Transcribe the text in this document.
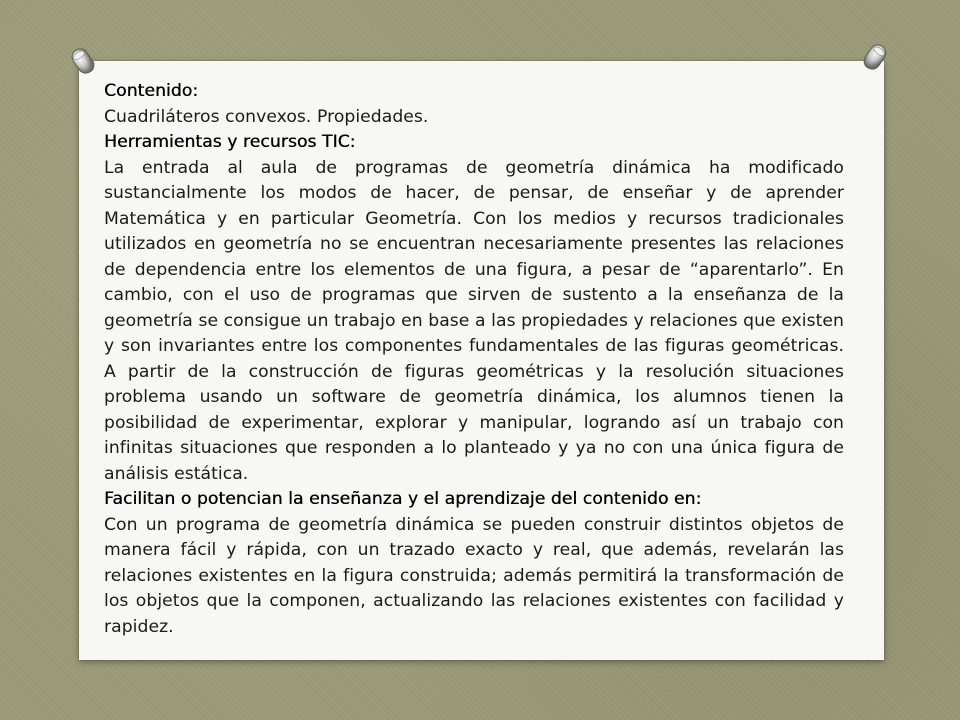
Contenido:

Cuadriláteros convexos. Propiedades.

Herramientas y recursos TIC:

La entrada al aula de programas de geometría dinámica ha modificado sustancialmente los modos de hacer, de pensar, de enseñar y de aprender Matemática y en particular Geometría. Con los medios y recursos tradicionales utilizados en geometría no se encuentran necesariamente presentes las relaciones de dependencia entre los elementos de una figura, a pesar de “aparentarlo”. En cambio, con el uso de programas que sirven de sustento a la enseñanza de la geometría se consigue un trabajo en base a las propiedades y relaciones que existen y son invariantes entre los componentes fundamentales de las figuras geométricas. A partir de la construcción de figuras geométricas y la resolución situaciones problema usando un software de geometría dinámica, los alumnos tienen la posibilidad de experimentar, explorar y manipular, logrando así un trabajo con infinitas situaciones que responden a lo planteado y ya no con una única figura de análisis estática.

Facilitan o potencian la enseñanza y el aprendizaje del contenido en:

Con un programa de geometría dinámica se pueden construir distintos objetos de manera fácil y rápida, con un trazado exacto y real, que además, revelarán las relaciones existentes en la figura construida; además permitirá la transformación de los objetos que la componen, actualizando las relaciones existentes con facilidad y rapidez.
